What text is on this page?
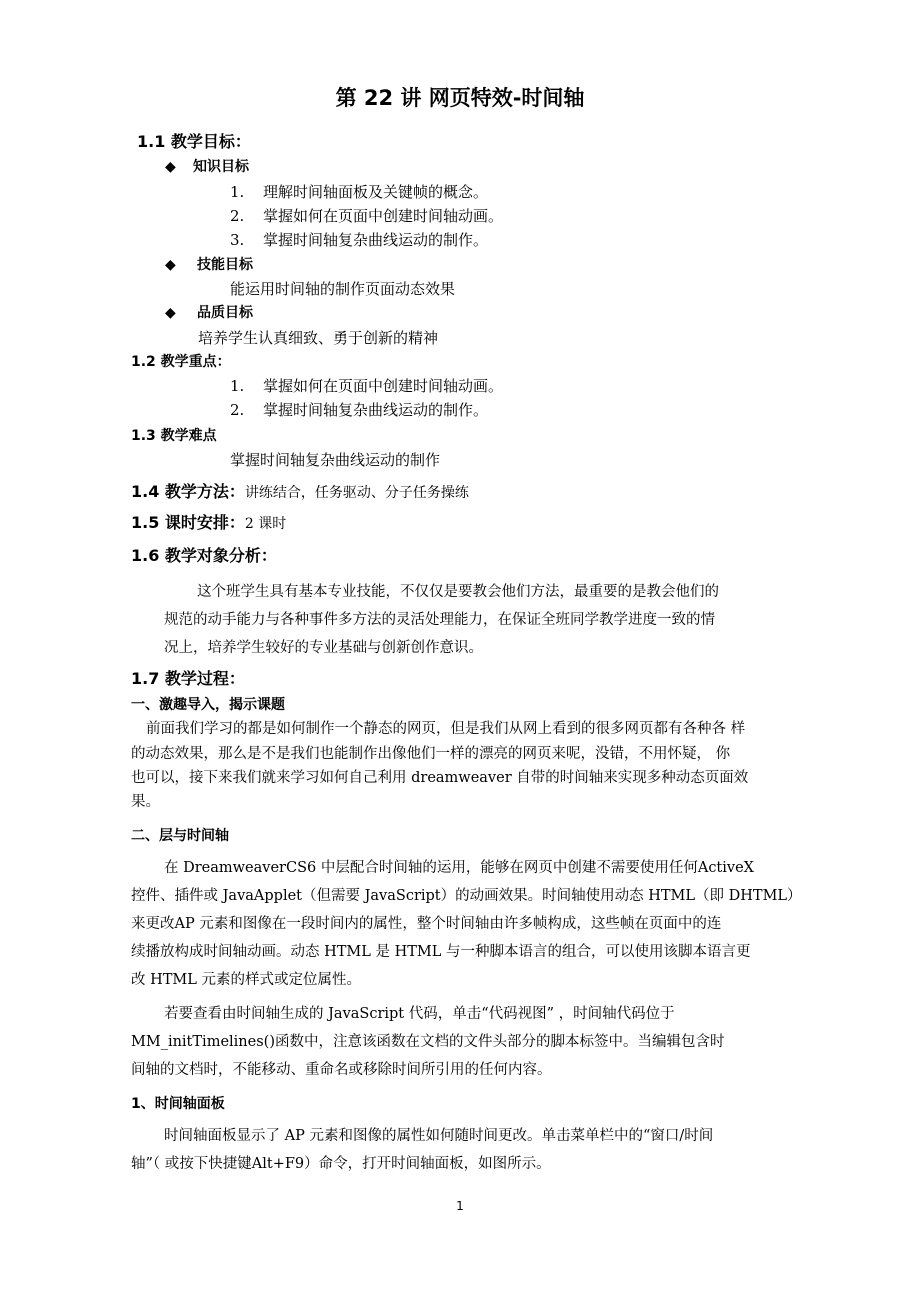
第 22 讲 网页特效-时间轴
1.1 教学目标：
◆ 知识目标
1. 理解时间轴面板及关键帧的概念。
2. 掌握如何在页面中创建时间轴动画。
3. 掌握时间轴复杂曲线运动的制作。
◆ 技能目标
能运用时间轴的制作页面动态效果
◆ 品质目标
培养学生认真细致、勇于创新的精神
1.2 教学重点：
1. 掌握如何在页面中创建时间轴动画。
2. 掌握时间轴复杂曲线运动的制作。
1.3 教学难点
掌握时间轴复杂曲线运动的制作
1.4 教学方法：讲练结合，任务驱动、分子任务操练
1.5 课时安排：2 课时
1.6 教学对象分析：
这个班学生具有基本专业技能，不仅仅是要教会他们方法，最重要的是教会他们的
规范的动手能力与各种事件多方法的灵活处理能力，在保证全班同学教学进度一致的情
况上，培养学生较好的专业基础与创新创作意识。
1.7 教学过程：
一、激趣导入，揭示课题
前面我们学习的都是如何制作一个静态的网页，但是我们从网上看到的很多网页都有各种各 样
的动态效果，那么是不是我们也能制作出像他们一样的漂亮的网页来呢，没错，不用怀疑， 你
也可以，接下来我们就来学习如何自己利用 dreamweaver 自带的时间轴来实现多种动态页面效
果。
二、层与时间轴
在 DreamweaverCS6 中层配合时间轴的运用，能够在网页中创建不需要使用任何ActiveX
控件、插件或 JavaApplet（但需要 JavaScript）的动画效果。时间轴使用动态 HTML（即 DHTML）
来更改AP 元素和图像在一段时间内的属性，整个时间轴由许多帧构成，这些帧在页面中的连
续播放构成时间轴动画。动态 HTML 是 HTML 与一种脚本语言的组合，可以使用该脚本语言更
改 HTML 元素的样式或定位属性。
若要查看由时间轴生成的 JavaScript 代码，单击“代码视图” ，时间轴代码位于
MM_initTimelines()函数中，注意该函数在文档的文件头部分的脚本标签中。当编辑包含时
间轴的文档时，不能移动、重命名或移除时间所引用的任何内容。
1、时间轴面板
时间轴面板显示了 AP 元素和图像的属性如何随时间更改。单击菜单栏中的“窗口/时间
轴”（ 或按下快捷键Alt+F9）命令，打开时间轴面板，如图所示。
1
